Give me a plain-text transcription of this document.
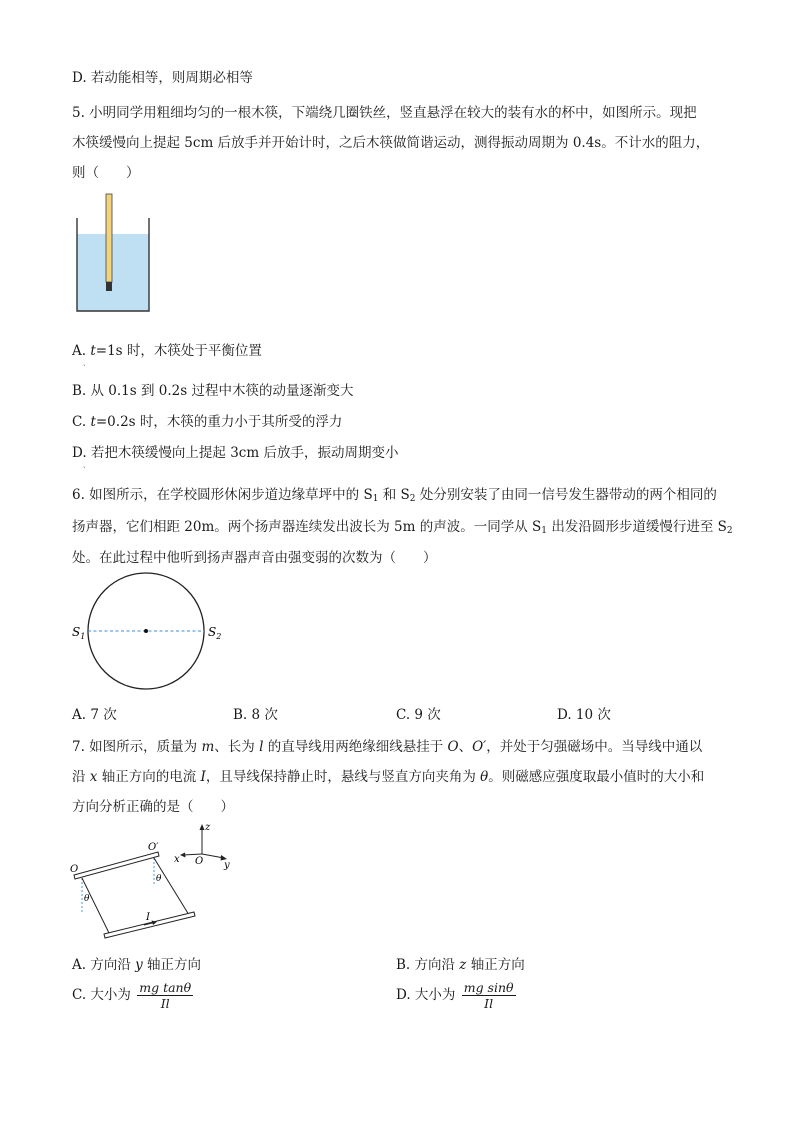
D. 若动能相等，则周期必相等
5. 小明同学用粗细均匀的一根木筷，下端绕几圈铁丝，竖直悬浮在较大的装有水的杯中，如图所示。现把
木筷缓慢向上提起 5cm 后放手并开始计时，之后木筷做简谐运动，测得振动周期为 0.4s。不计水的阻力，
则（　　）
A. t=1s 时，木筷处于平衡位置
ˎ
B. 从 0.1s 到 0.2s 过程中木筷的动量逐渐变大
C. t=0.2s 时，木筷的重力小于其所受的浮力
D. 若把木筷缓慢向上提起 3cm 后放手，振动周期变小
ˎ
6. 如图所示，在学校圆形休闲步道边缘草坪中的 $S_1$ 和 $S_2$ 处分别安装了由同一信号发生器带动的两个相同的
扬声器，它们相距 20m。两个扬声器连续发出波长为 5m 的声波。一同学从 $S_1$ 出发沿圆形步道缓慢行进至 $S_2$
处。在此过程中他听到扬声器声音由强变弱的次数为（　　）
$S_1$	$S_2$
A. 7 次	B. 8 次	C. 9 次	D. 10 次
7. 如图所示，质量为 m、长为 l 的直导线用两绝缘细线悬挂于 O、O′，并处于匀强磁场中。当导线中通以
沿 x 轴正方向的电流 I，且导线保持静止时，悬线与竖直方向夹角为 θ。则磁感应强度取最小值时的大小和
方向分析正确的是（　　）
z
y
x O
O
O′
θ
θ
I
A. 方向沿 y 轴正方向	B. 方向沿 z 轴正方向
C. 大小为 $\frac{\text{mg tanθ}}{Il}$	D. 大小为 $\frac{\text{mg sinθ}}{Il}$
